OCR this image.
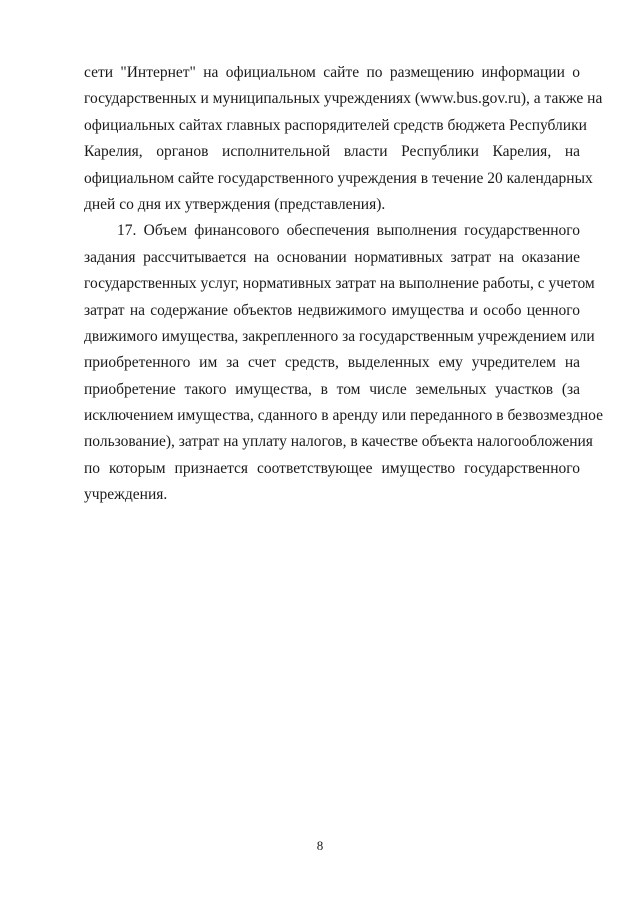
сети "Интернет" на официальном сайте по размещению информации о
государственных и муниципальных учреждениях (www.bus.gov.ru), а также на
официальных сайтах главных распорядителей средств бюджета Республики
Карелия, органов исполнительной власти Республики Карелия, на
официальном сайте государственного учреждения в течение 20 календарных
дней со дня их утверждения (представления).

17. Объем финансового обеспечения выполнения государственного
задания рассчитывается на основании нормативных затрат на оказание
государственных услуг, нормативных затрат на выполнение работы, с учетом
затрат на содержание объектов недвижимого имущества и особо ценного
движимого имущества, закрепленного за государственным учреждением или
приобретенного им за счет средств, выделенных ему учредителем на
приобретение такого имущества, в том числе земельных участков (за
исключением имущества, сданного в аренду или переданного в безвозмездное
пользование), затрат на уплату налогов, в качестве объекта налогообложения
по которым признается соответствующее имущество государственного
учреждения.

8
